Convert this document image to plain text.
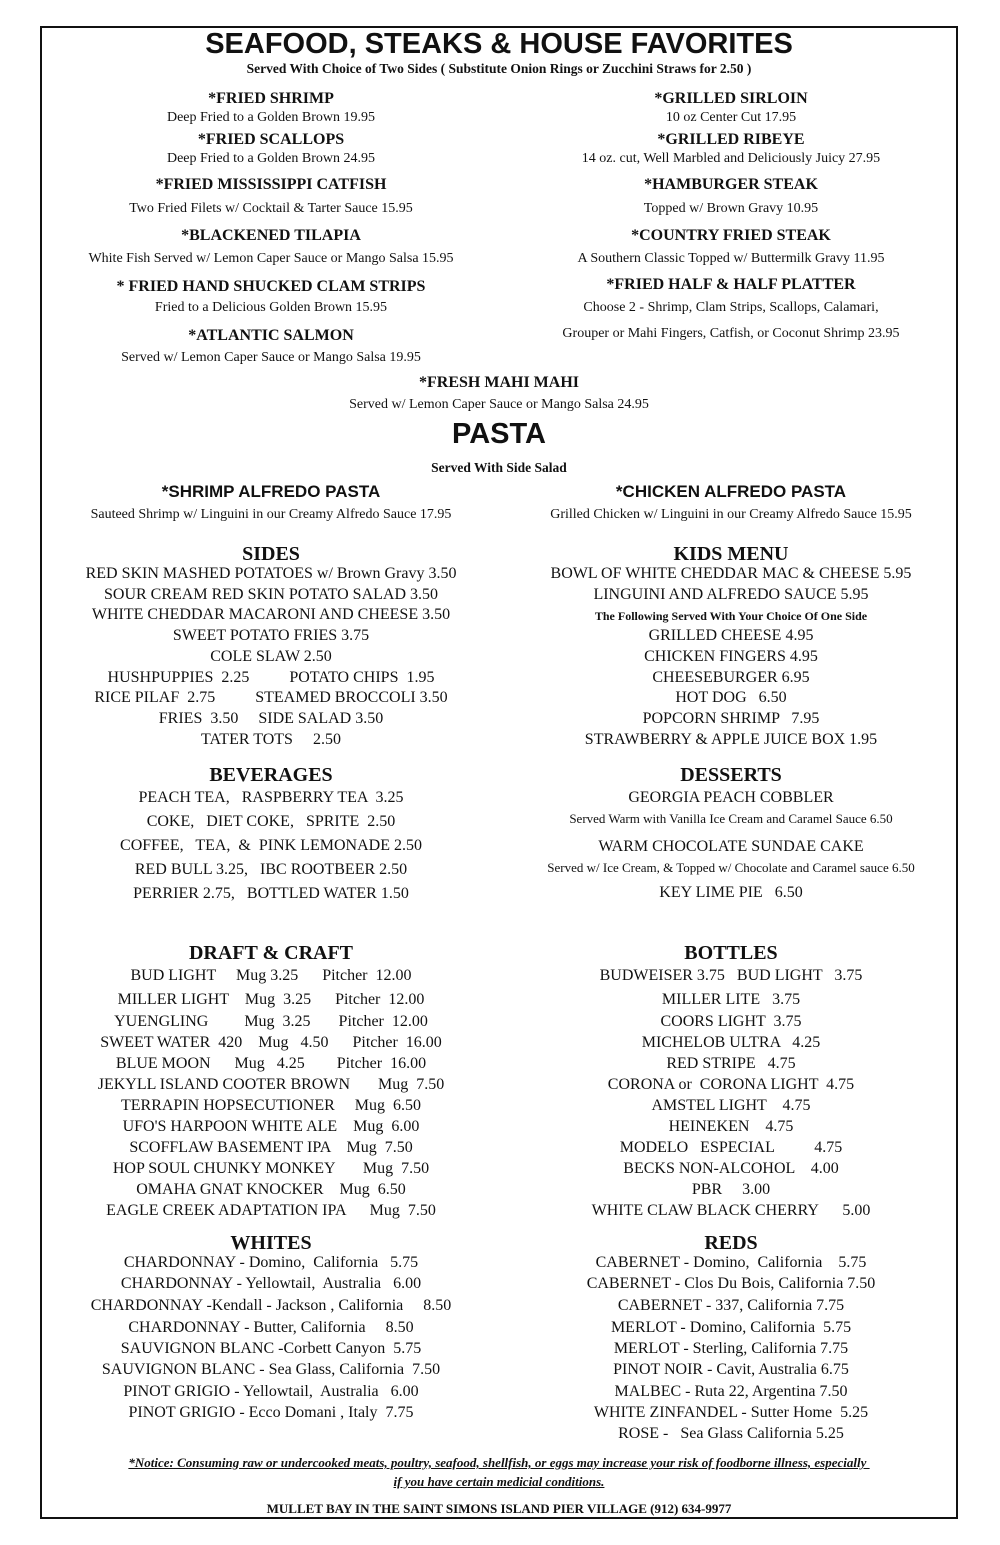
SEAFOOD, STEAKS & HOUSE FAVORITES
Served With Choice of Two Sides ( Substitute Onion Rings or Zucchini Straws for 2.50 )
*FRIED SHRIMP
Deep Fried to a Golden Brown 19.95
*FRIED SCALLOPS
Deep Fried to a Golden Brown 24.95
*FRIED MISSISSIPPI CATFISH
Two Fried Filets w/ Cocktail & Tarter Sauce 15.95
*BLACKENED TILAPIA
White Fish Served w/ Lemon Caper Sauce or Mango Salsa 15.95
* FRIED HAND SHUCKED CLAM STRIPS
Fried to a Delicious Golden Brown 15.95
*ATLANTIC SALMON
Served w/ Lemon Caper Sauce or Mango Salsa 19.95
*GRILLED SIRLOIN
10 oz Center Cut 17.95
*GRILLED RIBEYE
14 oz. cut, Well Marbled and Deliciously Juicy 27.95
*HAMBURGER STEAK
Topped w/ Brown Gravy 10.95
*COUNTRY FRIED STEAK
A Southern Classic Topped w/ Buttermilk Gravy 11.95
*FRIED HALF & HALF PLATTER
Choose 2 - Shrimp, Clam Strips, Scallops, Calamari,
Grouper or Mahi Fingers, Catfish, or Coconut Shrimp 23.95
*FRESH MAHI MAHI
Served w/ Lemon Caper Sauce or Mango Salsa 24.95
PASTA
Served With Side Salad
*SHRIMP ALFREDO PASTA
Sauteed Shrimp w/ Linguini in our Creamy Alfredo Sauce 17.95
*CHICKEN ALFREDO PASTA
Grilled Chicken w/ Linguini in our Creamy Alfredo Sauce 15.95
SIDES
RED SKIN MASHED POTATOES w/ Brown Gravy 3.50
SOUR CREAM RED SKIN POTATO SALAD 3.50
WHITE CHEDDAR MACARONI AND CHEESE 3.50
SWEET POTATO FRIES 3.75
COLE SLAW 2.50
HUSHPUPPIES  2.25          POTATO CHIPS  1.95
RICE PILAF  2.75          STEAMED BROCCOLI 3.50
FRIES  3.50     SIDE SALAD 3.50
TATER TOTS     2.50
KIDS MENU
BOWL OF WHITE CHEDDAR MAC & CHEESE 5.95
LINGUINI AND ALFREDO SAUCE 5.95
The Following Served With Your Choice Of One Side
GRILLED CHEESE 4.95
CHICKEN FINGERS 4.95
CHEESEBURGER 6.95
HOT DOG   6.50
POPCORN SHRIMP   7.95
STRAWBERRY & APPLE JUICE BOX 1.95
BEVERAGES
PEACH TEA,   RASPBERRY TEA  3.25
COKE,   DIET COKE,   SPRITE  2.50
COFFEE,   TEA,  &  PINK LEMONADE 2.50
RED BULL 3.25,   IBC ROOTBEER 2.50
PERRIER 2.75,   BOTTLED WATER 1.50
DESSERTS
GEORGIA PEACH COBBLER
Served Warm with Vanilla Ice Cream and Caramel Sauce 6.50
WARM CHOCOLATE SUNDAE CAKE
Served w/ Ice Cream, & Topped w/ Chocolate and Caramel sauce 6.50
KEY LIME PIE   6.50
DRAFT & CRAFT
BUD LIGHT     Mug 3.25      Pitcher  12.00
MILLER LIGHT    Mug  3.25      Pitcher  12.00
YUENGLING         Mug  3.25       Pitcher  12.00
SWEET WATER  420    Mug   4.50      Pitcher  16.00
BLUE MOON      Mug   4.25        Pitcher  16.00
JEKYLL ISLAND COOTER BROWN       Mug  7.50
TERRAPIN HOPSECUTIONER     Mug  6.50
UFO'S HARPOON WHITE ALE    Mug  6.00
SCOFFLAW BASEMENT IPA    Mug  7.50
HOP SOUL CHUNKY MONKEY       Mug  7.50
OMAHA GNAT KNOCKER    Mug  6.50
EAGLE CREEK ADAPTATION IPA      Mug  7.50
BOTTLES
BUDWEISER 3.75   BUD LIGHT   3.75
MILLER LITE   3.75
COORS LIGHT  3.75
MICHELOB ULTRA   4.25
RED STRIPE   4.75
CORONA or  CORONA LIGHT  4.75
AMSTEL LIGHT    4.75
HEINEKEN    4.75
MODELO   ESPECIAL          4.75
BECKS NON-ALCOHOL    4.00
PBR     3.00
WHITE CLAW BLACK CHERRY      5.00
WHITES
CHARDONNAY - Domino,  California   5.75
CHARDONNAY - Yellowtail,  Australia   6.00
CHARDONNAY -Kendall - Jackson , California     8.50
CHARDONNAY - Butter, California     8.50
SAUVIGNON BLANC -Corbett Canyon  5.75
SAUVIGNON BLANC - Sea Glass, California  7.50
PINOT GRIGIO - Yellowtail,  Australia   6.00
PINOT GRIGIO - Ecco Domani , Italy  7.75
REDS
CABERNET - Domino,  California    5.75
CABERNET - Clos Du Bois, California 7.50
CABERNET - 337, California 7.75
MERLOT - Domino, California  5.75
MERLOT - Sterling, California 7.75
PINOT NOIR - Cavit, Australia 6.75
MALBEC - Ruta 22, Argentina 7.50
WHITE ZINFANDEL - Sutter Home  5.25
ROSE -   Sea Glass California 5.25
*Notice: Consuming raw or undercooked meats, poultry, seafood, shellfish, or eggs may increase your risk of foodborne illness, especially
if you have certain medicial conditions.
MULLET BAY IN THE SAINT SIMONS ISLAND PIER VILLAGE (912) 634-9977
